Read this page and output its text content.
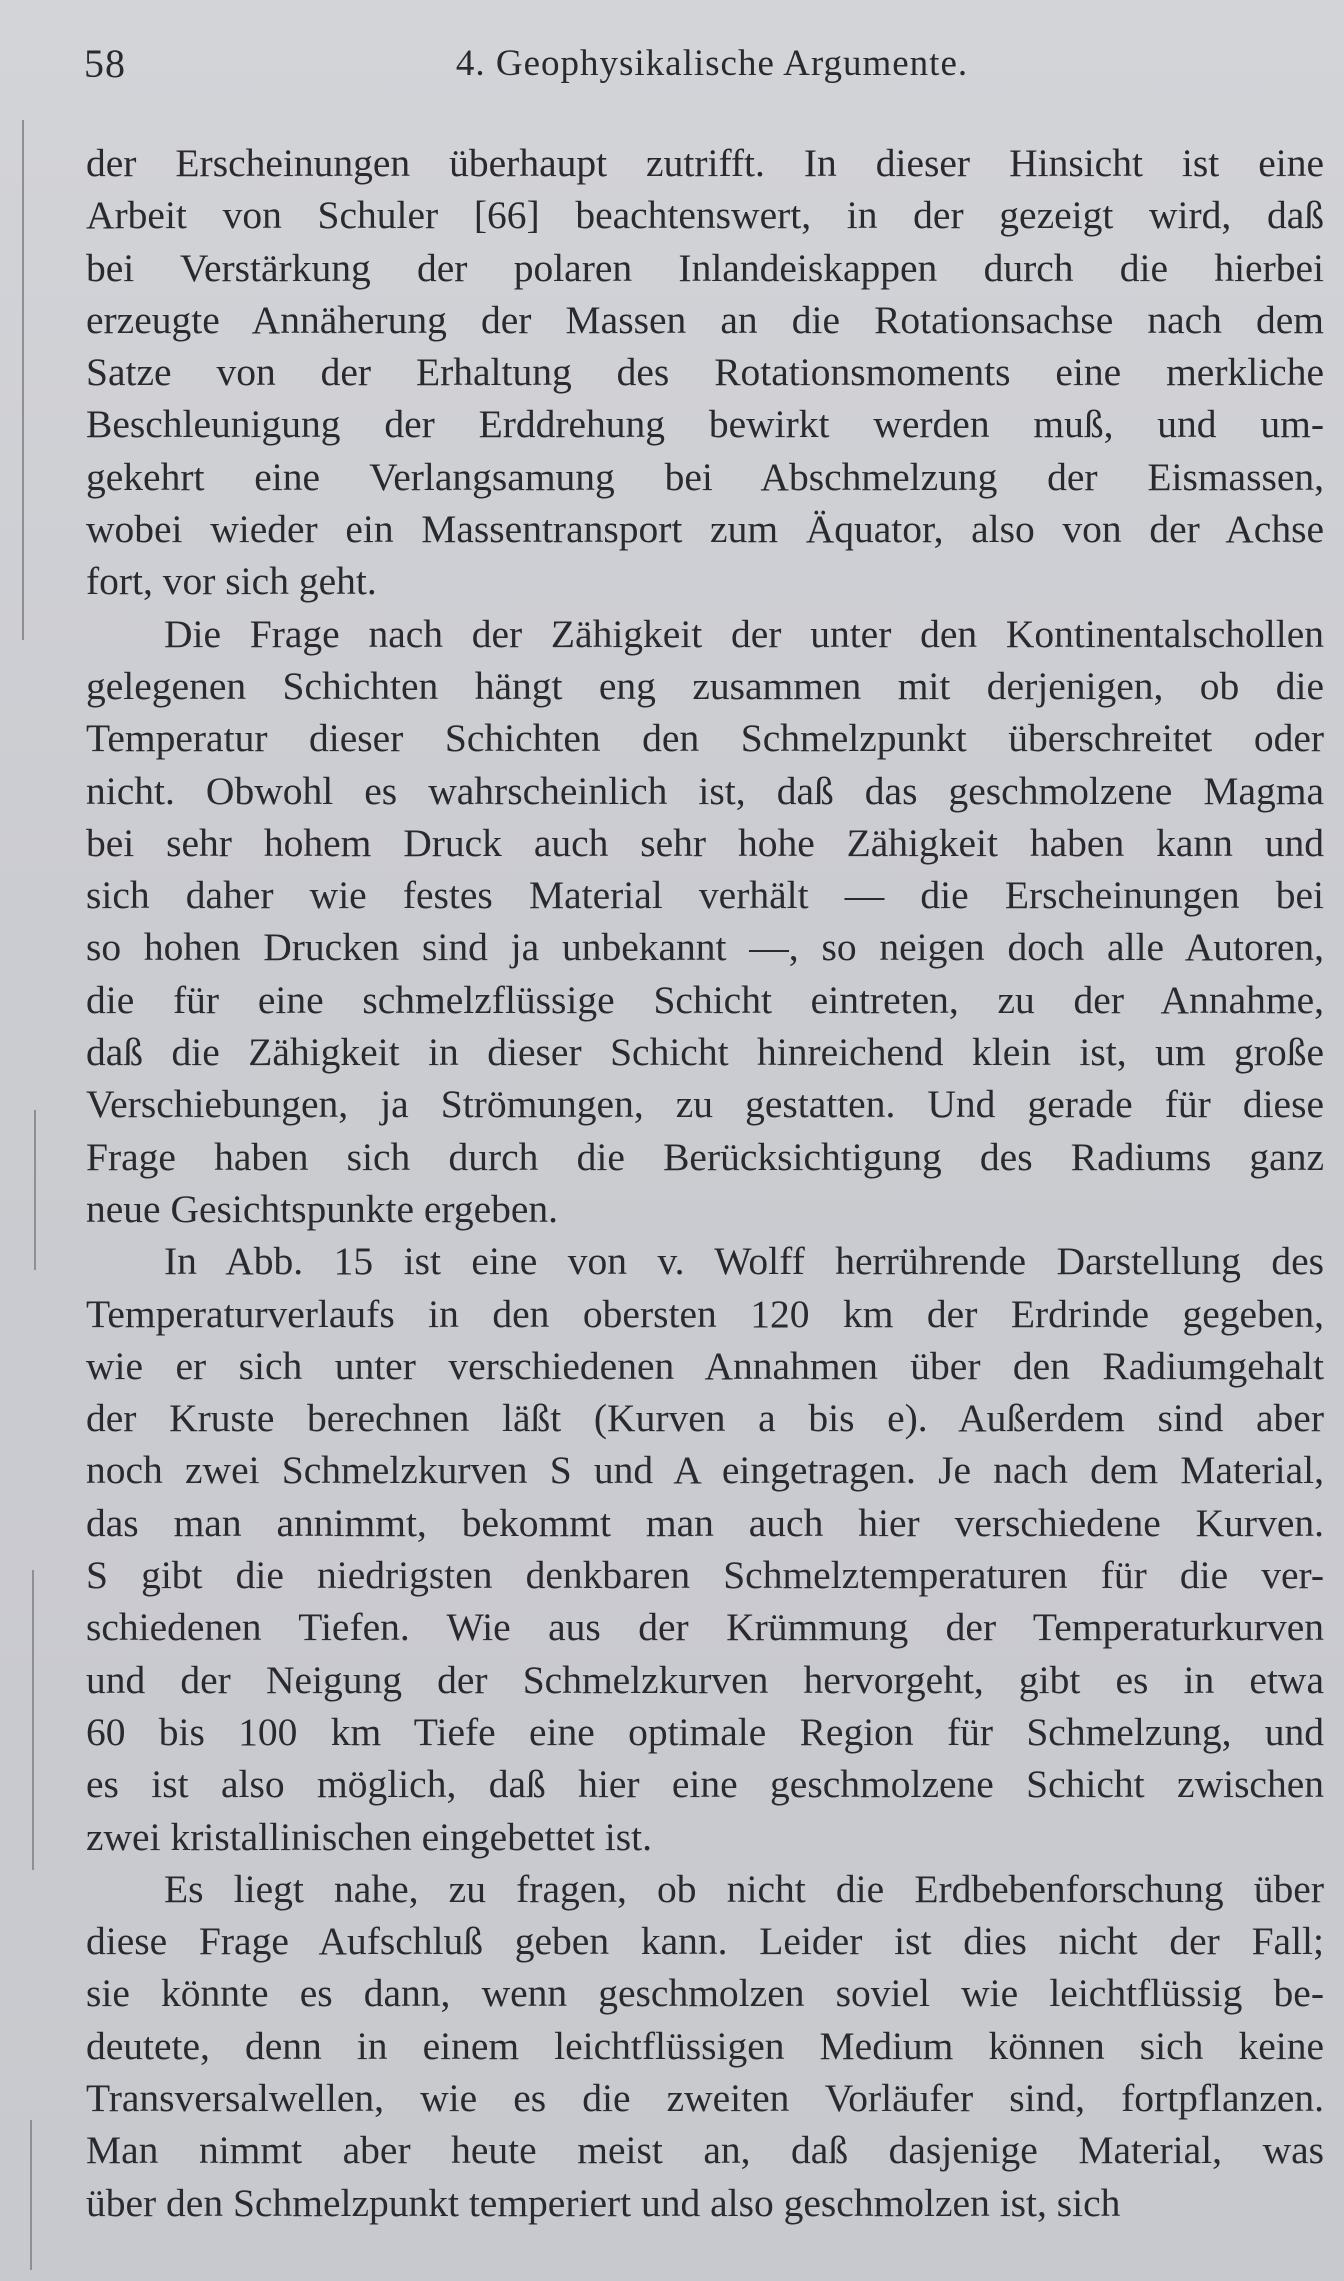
58	4. Geophysikalische Argumente.
der Erscheinungen überhaupt zutrifft. In dieser Hinsicht ist eine
Arbeit von Schuler [66] beachtenswert, in der gezeigt wird, daß
bei Verstärkung der polaren Inlandeiskappen durch die hierbei
erzeugte Annäherung der Massen an die Rotationsachse nach dem
Satze von der Erhaltung des Rotationsmoments eine merkliche
Beschleunigung der Erddrehung bewirkt werden muß, und um-
gekehrt eine Verlangsamung bei Abschmelzung der Eismassen,
wobei wieder ein Massentransport zum Äquator, also von der Achse
fort, vor sich geht.
Die Frage nach der Zähigkeit der unter den Kontinentalschollen
gelegenen Schichten hängt eng zusammen mit derjenigen, ob die
Temperatur dieser Schichten den Schmelzpunkt überschreitet oder
nicht. Obwohl es wahrscheinlich ist, daß das geschmolzene Magma
bei sehr hohem Druck auch sehr hohe Zähigkeit haben kann und
sich daher wie festes Material verhält — die Erscheinungen bei
so hohen Drucken sind ja unbekannt —, so neigen doch alle Autoren,
die für eine schmelzflüssige Schicht eintreten, zu der Annahme,
daß die Zähigkeit in dieser Schicht hinreichend klein ist, um große
Verschiebungen, ja Strömungen, zu gestatten. Und gerade für diese
Frage haben sich durch die Berücksichtigung des Radiums ganz
neue Gesichtspunkte ergeben.
In Abb. 15 ist eine von v. Wolff herrührende Darstellung des
Temperaturverlaufs in den obersten 120 km der Erdrinde gegeben,
wie er sich unter verschiedenen Annahmen über den Radiumgehalt
der Kruste berechnen läßt (Kurven a bis e). Außerdem sind aber
noch zwei Schmelzkurven S und A eingetragen. Je nach dem Material,
das man annimmt, bekommt man auch hier verschiedene Kurven.
S gibt die niedrigsten denkbaren Schmelztemperaturen für die ver-
schiedenen Tiefen. Wie aus der Krümmung der Temperaturkurven
und der Neigung der Schmelzkurven hervorgeht, gibt es in etwa
60 bis 100 km Tiefe eine optimale Region für Schmelzung, und
es ist also möglich, daß hier eine geschmolzene Schicht zwischen
zwei kristallinischen eingebettet ist.
Es liegt nahe, zu fragen, ob nicht die Erdbebenforschung über
diese Frage Aufschluß geben kann. Leider ist dies nicht der Fall;
sie könnte es dann, wenn geschmolzen soviel wie leichtflüssig be-
deutete, denn in einem leichtflüssigen Medium können sich keine
Transversalwellen, wie es die zweiten Vorläufer sind, fortpflanzen.
Man nimmt aber heute meist an, daß dasjenige Material, was
über den Schmelzpunkt temperiert und also geschmolzen ist, sich
